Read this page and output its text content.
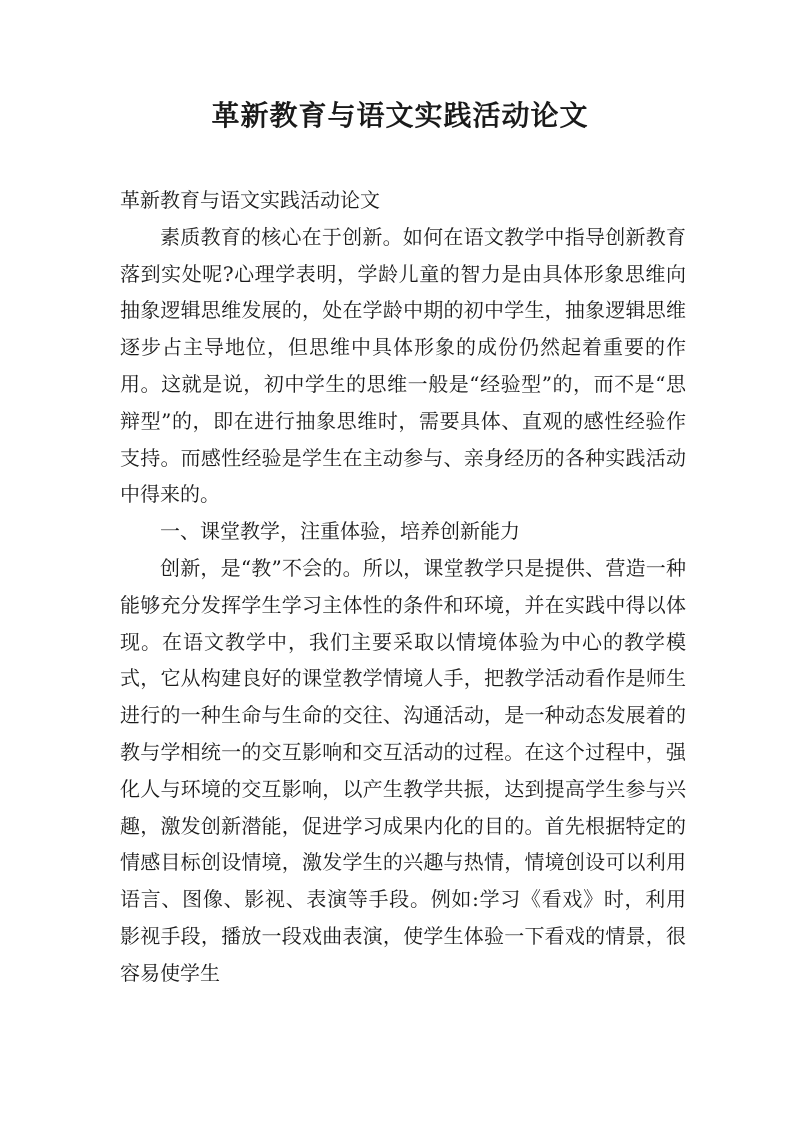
革新教育与语文实践活动论文

革新教育与语文实践活动论文

素质教育的核心在于创新。如何在语文教学中指导创新教育落到实处呢?心理学表明，学龄儿童的智力是由具体形象思维向抽象逻辑思维发展的，处在学龄中期的初中学生，抽象逻辑思维逐步占主导地位，但思维中具体形象的成份仍然起着重要的作用。这就是说，初中学生的思维一般是“经验型”的，而不是“思辩型”的，即在进行抽象思维时，需要具体、直观的感性经验作支持。而感性经验是学生在主动参与、亲身经历的各种实践活动中得来的。

一、课堂教学，注重体验，培养创新能力

创新，是“教”不会的。所以，课堂教学只是提供、营造一种能够充分发挥学生学习主体性的条件和环境，并在实践中得以体现。在语文教学中，我们主要采取以情境体验为中心的教学模式，它从构建良好的课堂教学情境人手，把教学活动看作是师生进行的一种生命与生命的交往、沟通活动，是一种动态发展着的教与学相统一的交互影响和交互活动的过程。在这个过程中，强化人与环境的交互影响，以产生教学共振，达到提高学生参与兴趣，激发创新潜能，促进学习成果内化的目的。首先根据特定的情感目标创设情境，激发学生的兴趣与热情，情境创设可以利用语言、图像、影视、表演等手段。例如:学习《看戏》时，利用影视手段，播放一段戏曲表演，使学生体验一下看戏的情景，很容易使学生
